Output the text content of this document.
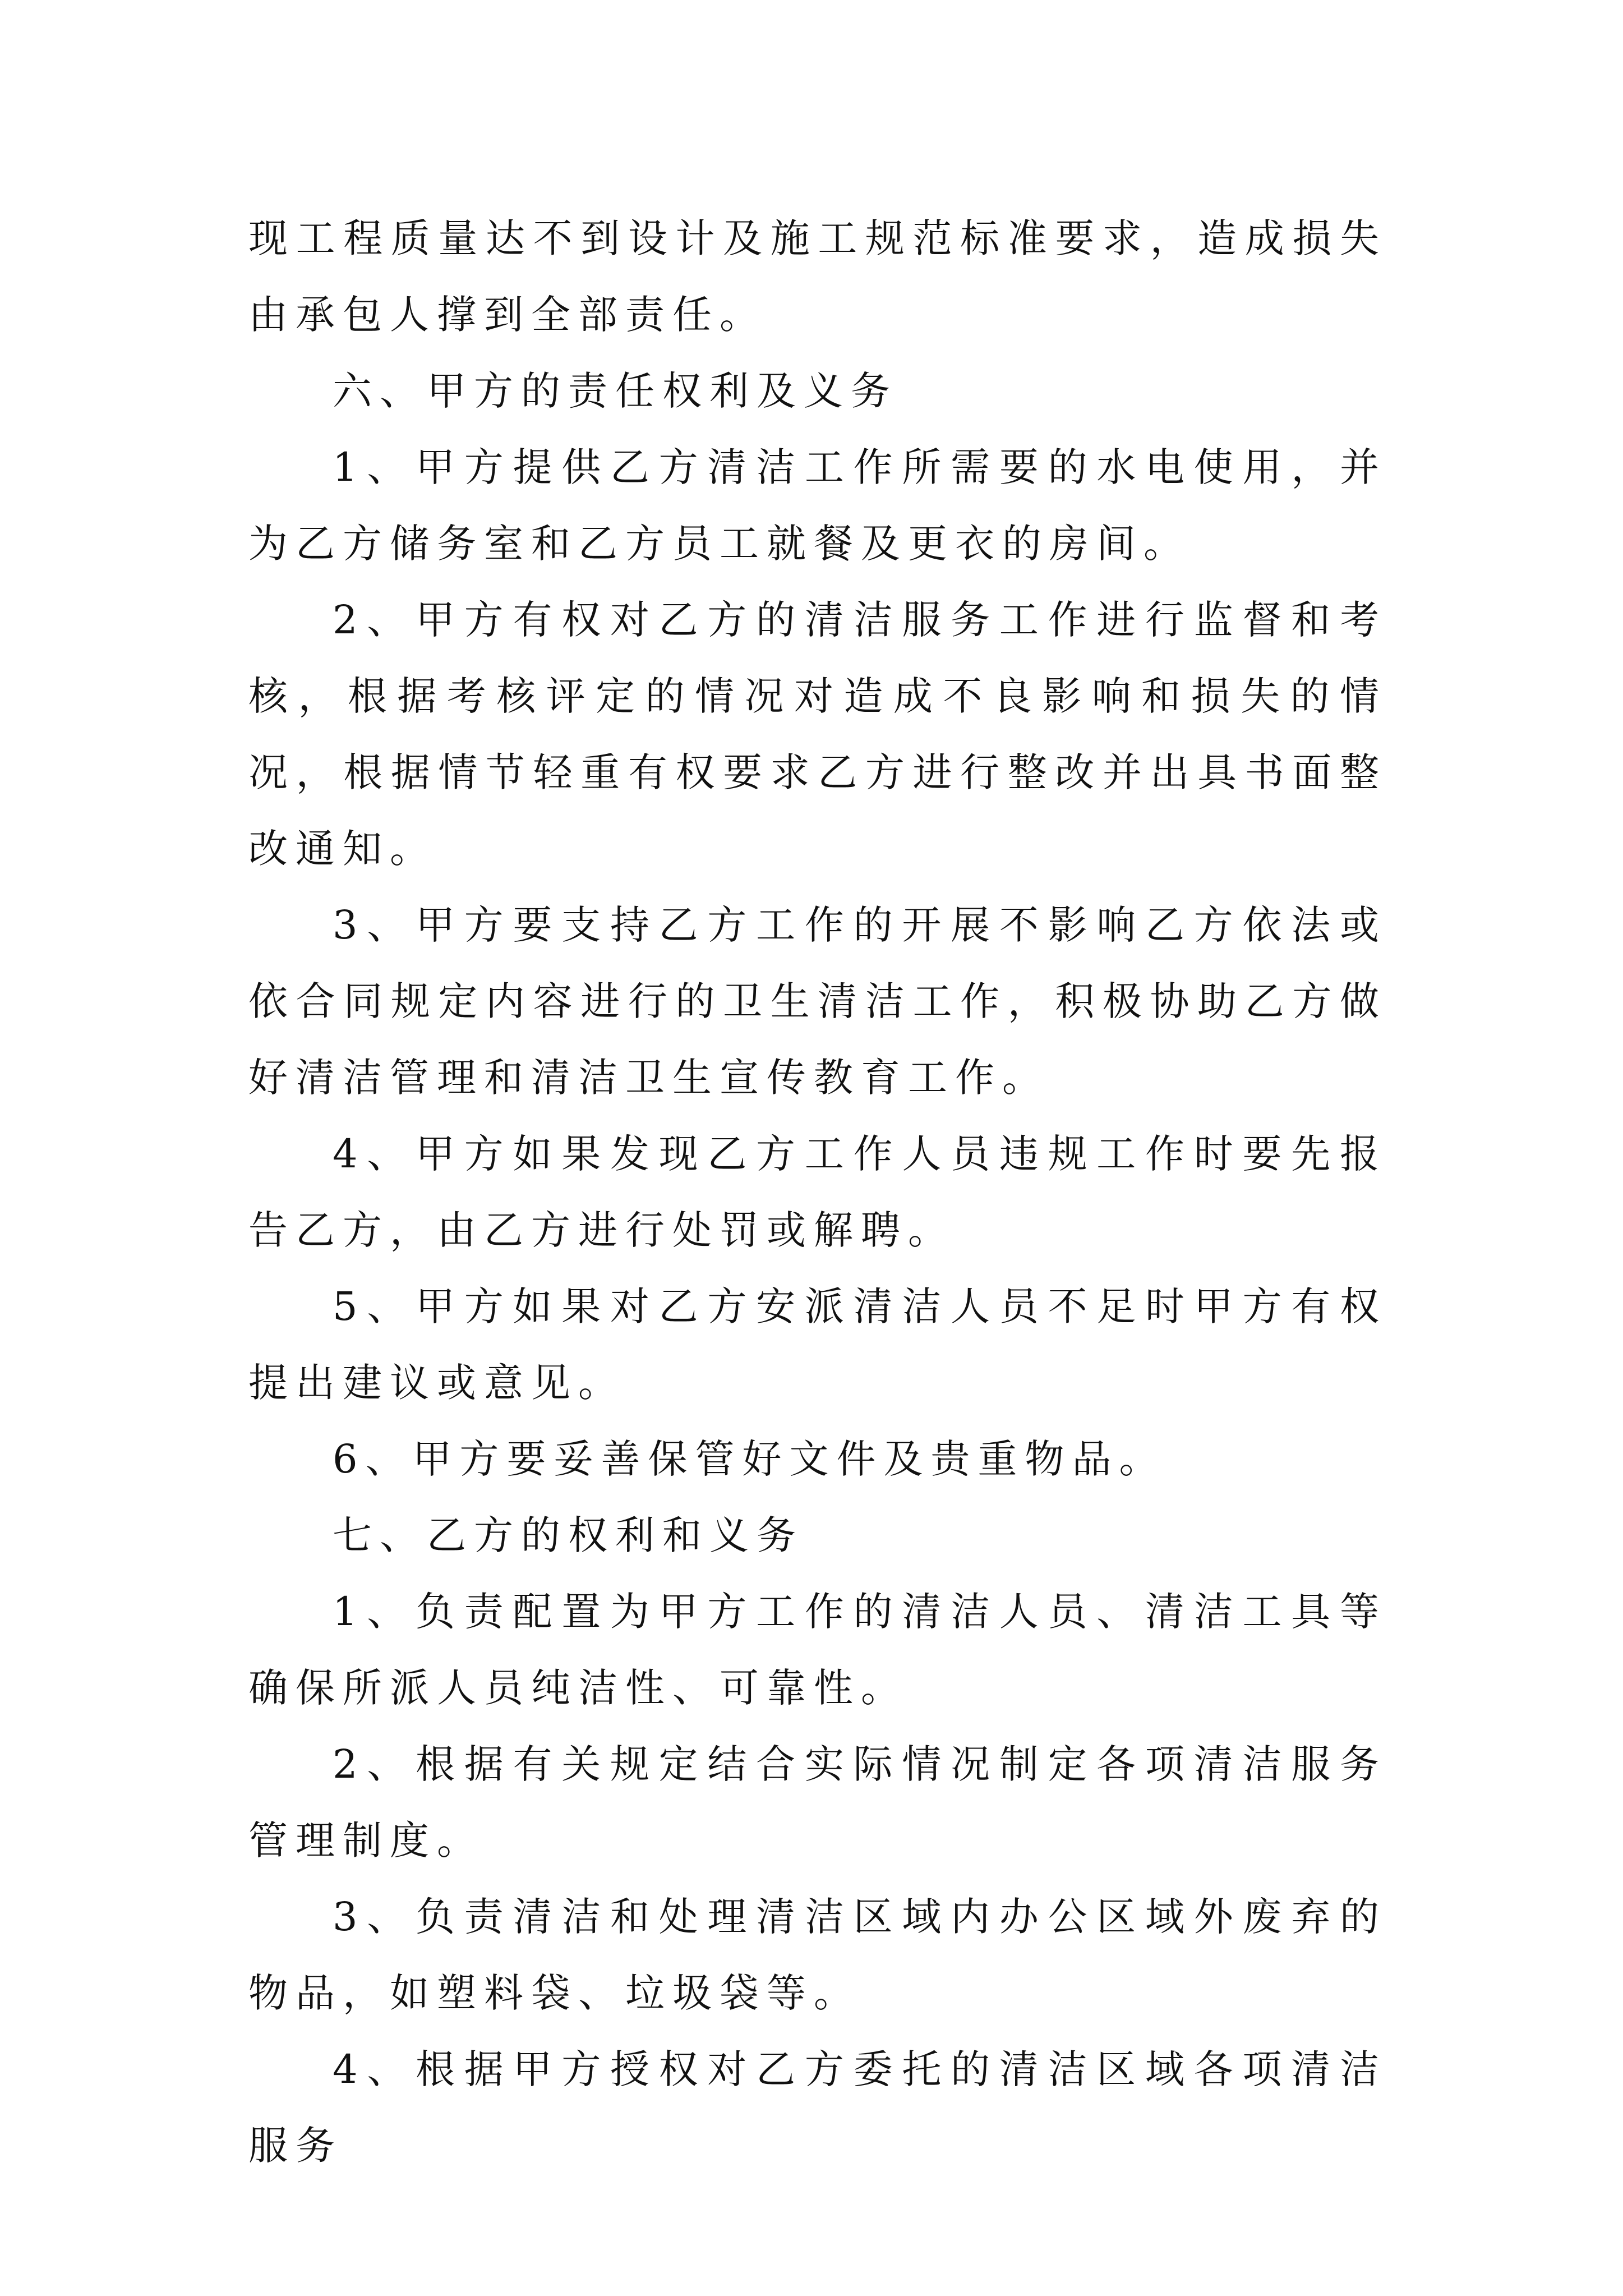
现工程质量达不到设计及施工规范标准要求，造成损失由承包人撑到全部责任。

六、甲方的责任权利及义务

1、甲方提供乙方清洁工作所需要的水电使用，并为乙方储务室和乙方员工就餐及更衣的房间。

2、甲方有权对乙方的清洁服务工作进行监督和考核，根据考核评定的情况对造成不良影响和损失的情况，根据情节轻重有权要求乙方进行整改并出具书面整改通知。

3、甲方要支持乙方工作的开展不影响乙方依法或依合同规定内容进行的卫生清洁工作，积极协助乙方做好清洁管理和清洁卫生宣传教育工作。

4、甲方如果发现乙方工作人员违规工作时要先报告乙方，由乙方进行处罚或解聘。

5、甲方如果对乙方安派清洁人员不足时甲方有权提出建议或意见。

6、甲方要妥善保管好文件及贵重物品。

七、乙方的权利和义务

1、负责配置为甲方工作的清洁人员、清洁工具等确保所派人员纯洁性、可靠性。

2、根据有关规定结合实际情况制定各项清洁服务管理制度。

3、负责清洁和处理清洁区域内办公区域外废弃的物品，如塑料袋、垃圾袋等。

4、根据甲方授权对乙方委托的清洁区域各项清洁服务
